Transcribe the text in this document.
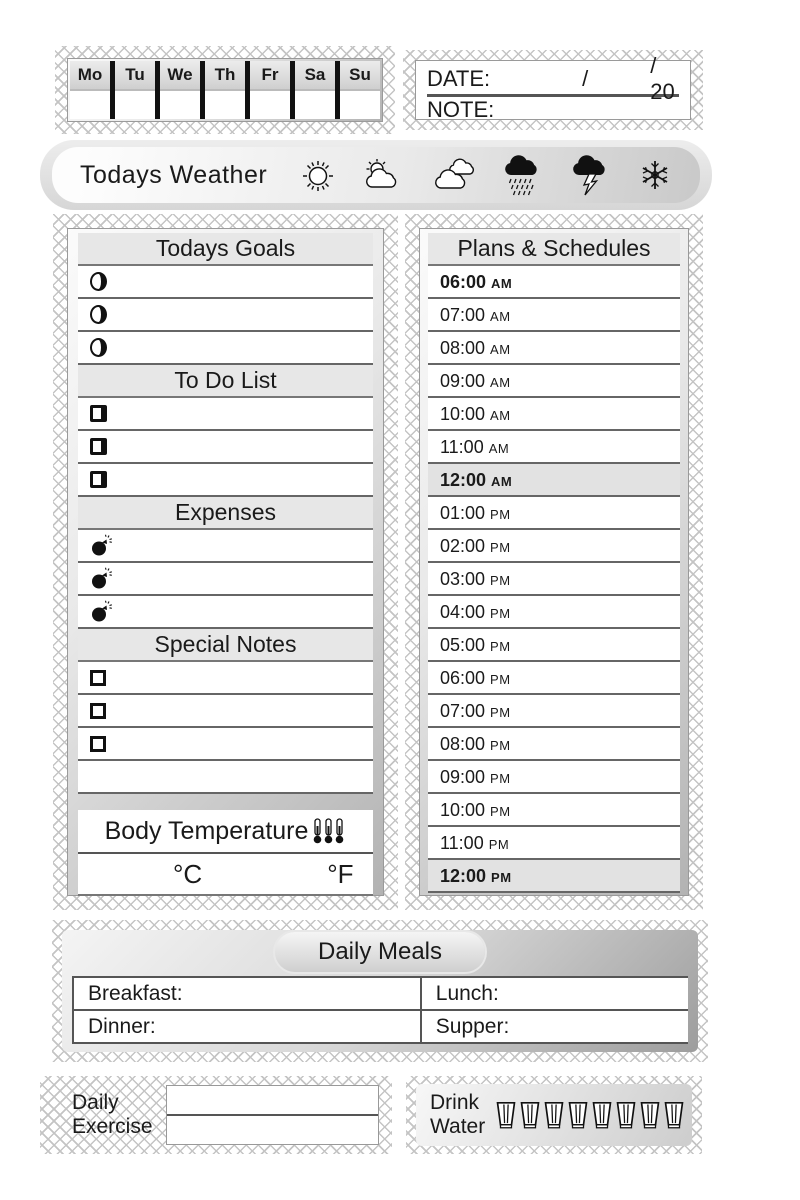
Mo	Tu	We	Th	Fr	Sa	Su	DATE:	/
/ 20
NOTE:
Todays Weather
Todays Goals
To Do List
Expenses
Special Notes
Body Temperature
°C	°F
Plans & Schedules
06:00 AM
07:00 AM
08:00 AM
09:00 AM
10:00 AM
11:00 AM
12:00 AM
01:00 PM
02:00 PM
03:00 PM
04:00 PM
05:00 PM
06:00 PM
07:00 PM
08:00 PM
09:00 PM
10:00 PM
11:00 PM
12:00 PM
Daily Meals
Breakfast:	Lunch:
Dinner:	Supper:
Daily
Exercise
Drink
Water
